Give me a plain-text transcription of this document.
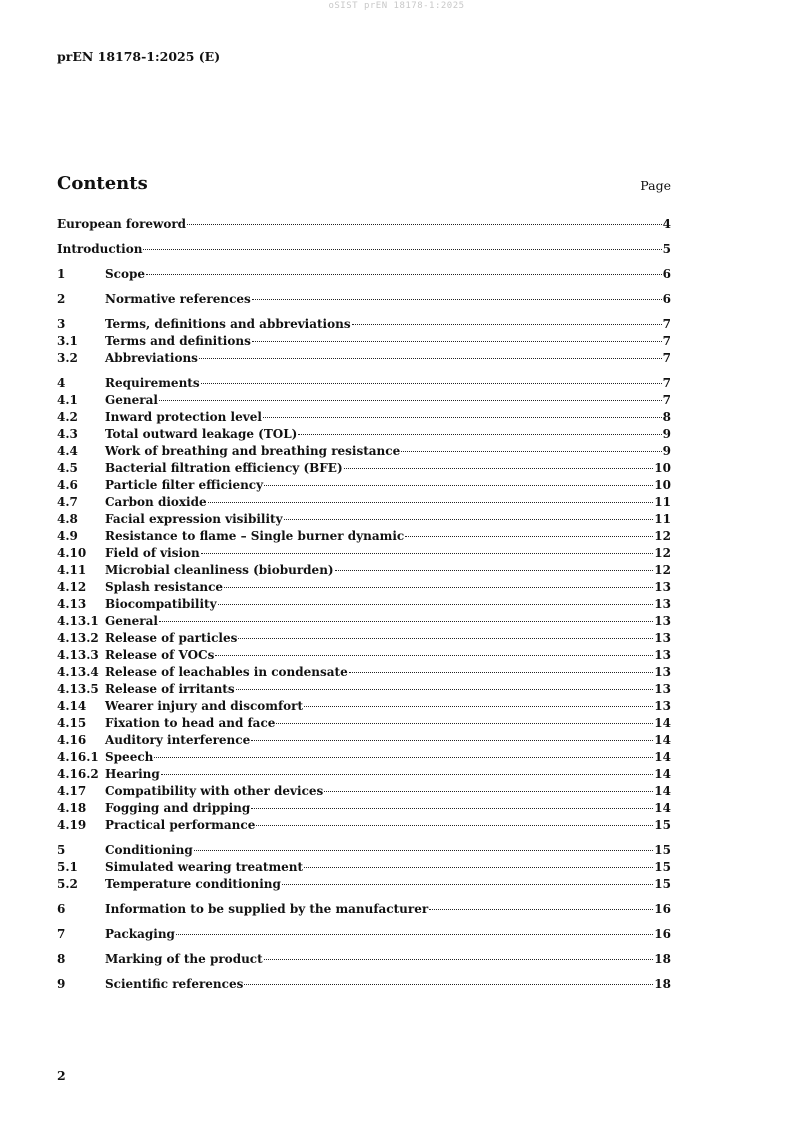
oSIST prEN 18178-1:2025
prEN 18178-1:2025 (E)
Contents	Page
European foreword	4
Introduction	5
1	Scope	6
2	Normative references	6
3	Terms, definitions and abbreviations	7
3.1	Terms and definitions	7
3.2	Abbreviations	7
4	Requirements	7
4.1	General	7
4.2	Inward protection level	8
4.3	Total outward leakage (TOL)	9
4.4	Work of breathing and breathing resistance	9
4.5	Bacterial filtration efficiency (BFE)	10
4.6	Particle filter efficiency	10
4.7	Carbon dioxide	11
4.8	Facial expression visibility	11
4.9	Resistance to flame – Single burner dynamic	12
4.10	Field of vision	12
4.11	Microbial cleanliness (bioburden)	12
4.12	Splash resistance	13
4.13	Biocompatibility	13
4.13.1 General	13
4.13.2 Release of particles	13
4.13.3 Release of VOCs	13
4.13.4 Release of leachables in condensate	13
4.13.5 Release of irritants	13
4.14	Wearer injury and discomfort	13
4.15	Fixation to head and face	14
4.16	Auditory interference	14
4.16.1 Speech	14
4.16.2 Hearing	14
4.17	Compatibility with other devices	14
4.18	Fogging and dripping	14
4.19	Practical performance	15
5	Conditioning	15
5.1	Simulated wearing treatment	15
5.2	Temperature conditioning	15
6	Information to be supplied by the manufacturer	16
7	Packaging	16
8	Marking of the product	18
9	Scientific references	18
2
